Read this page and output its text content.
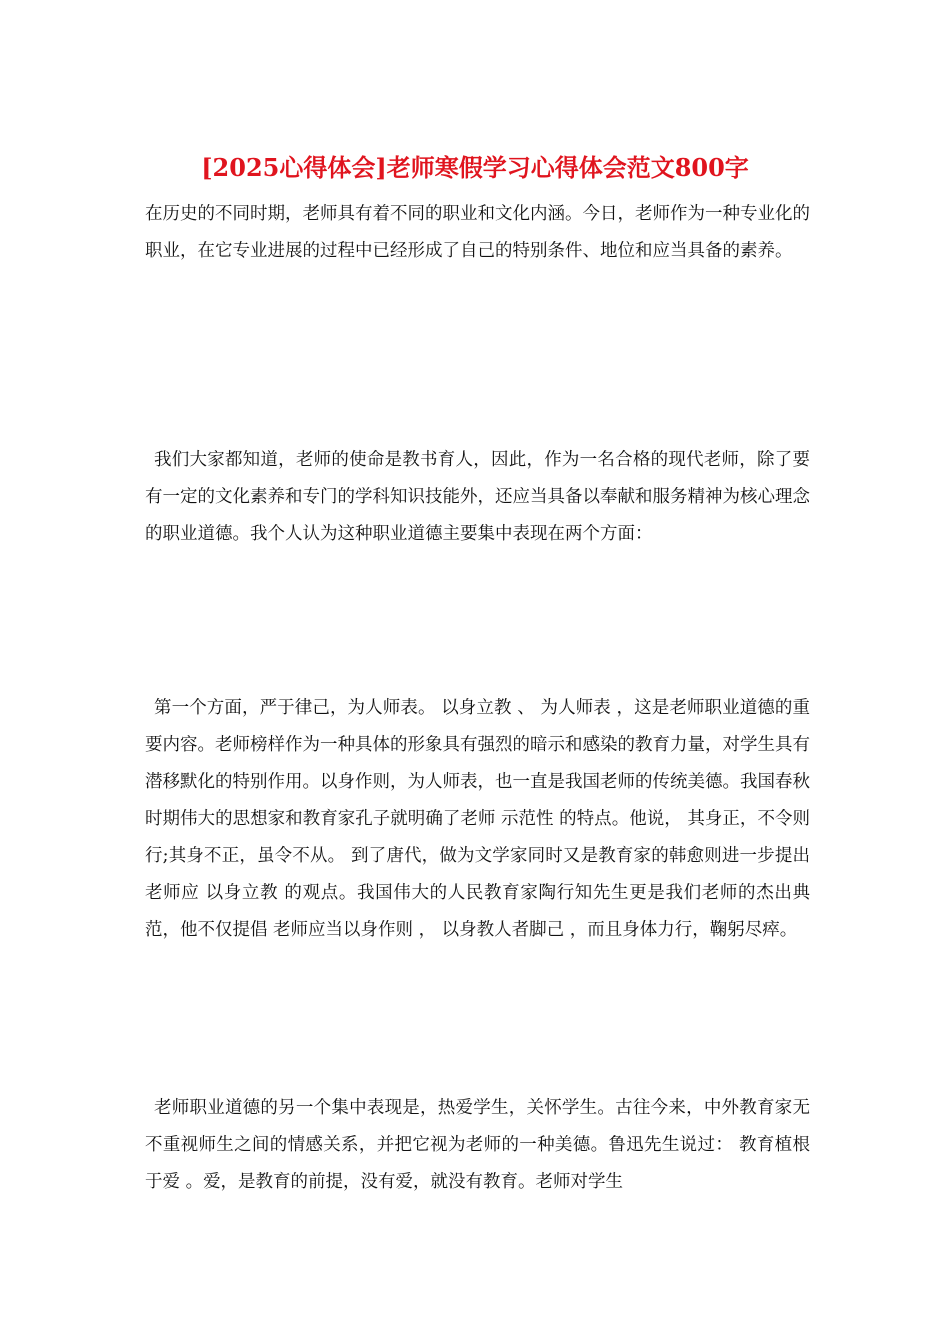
[2025心得体会]老师寒假学习心得体会范文800字

在历史的不同时期，老师具有着不同的职业和文化内涵。今日，老师作为一种专业化的职业，在它专业进展的过程中已经形成了自己的特别条件、地位和应当具备的素养。

我们大家都知道，老师的使命是教书育人，因此，作为一名合格的现代老师，除了要有一定的文化素养和专门的学科知识技能外，还应当具备以奉献和服务精神为核心理念的职业道德。我个人认为这种职业道德主要集中表现在两个方面：

第一个方面，严于律己，为人师表。 以身立教 、 为人师表 ，这是老师职业道德的重要内容。老师榜样作为一种具体的形象具有强烈的暗示和感染的教育力量，对学生具有潜移默化的特别作用。以身作则，为人师表，也一直是我国老师的传统美德。我国春秋时期伟大的思想家和教育家孔子就明确了老师 示范性 的特点。他说， 其身正，不令则行;其身不正，虽令不从。 到了唐代，做为文学家同时又是教育家的韩愈则进一步提出老师应 以身立教 的观点。我国伟大的人民教育家陶行知先生更是我们老师的杰出典范，他不仅提倡 老师应当以身作则 ， 以身教人者脚己 ，而且身体力行，鞠躬尽瘁。

老师职业道德的另一个集中表现是，热爱学生，关怀学生。古往今来，中外教育家无不重视师生之间的情感关系，并把它视为老师的一种美德。鲁迅先生说过： 教育植根于爱 。爱，是教育的前提，没有爱，就没有教育。老师对学生
